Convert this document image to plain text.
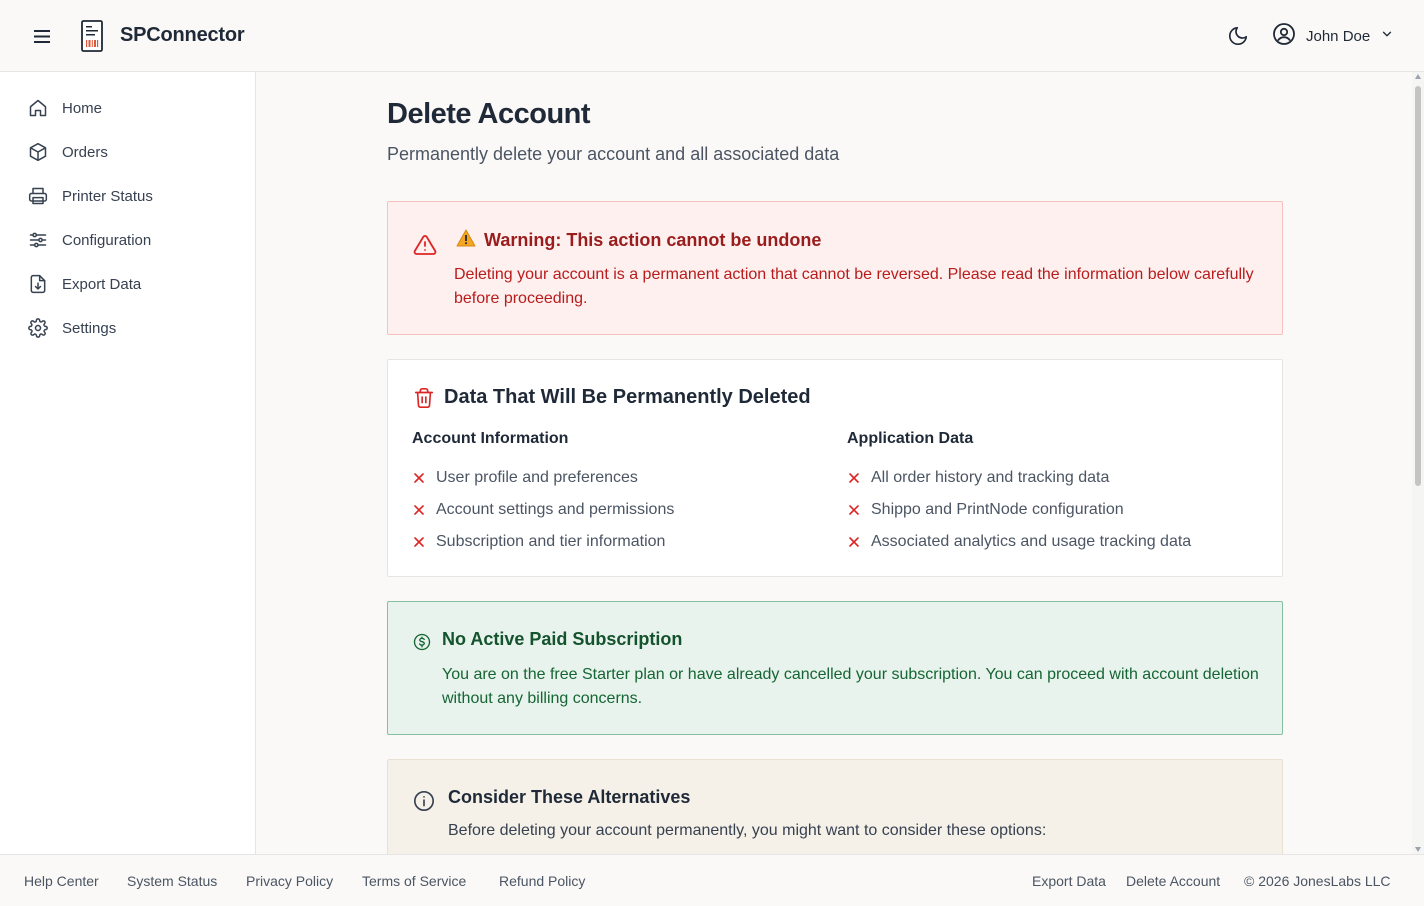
SPConnector	John Doe
Home
Orders
Printer Status
Configuration
Export Data
Settings
Delete Account

Permanently delete your account and all associated data

Warning: This action cannot be undone

Deleting your account is a permanent action that cannot be reversed. Please read the information below carefully before proceeding.

Data That Will Be Permanently Deleted
Account Information
User profile and preferences
Account settings and permissions
Subscription and tier information
Application Data
All order history and tracking data
Shippo and PrintNode configuration
Associated analytics and usage tracking data
No Active Paid Subscription

You are on the free Starter plan or have already cancelled your subscription. You can proceed with account deletion without any billing concerns.

Consider These Alternatives

Before deleting your account permanently, you might want to consider these options:

Help Center System Status Privacy Policy Terms of Service Refund Policy	Export Data Delete Account © 2026 JonesLabs LLC
